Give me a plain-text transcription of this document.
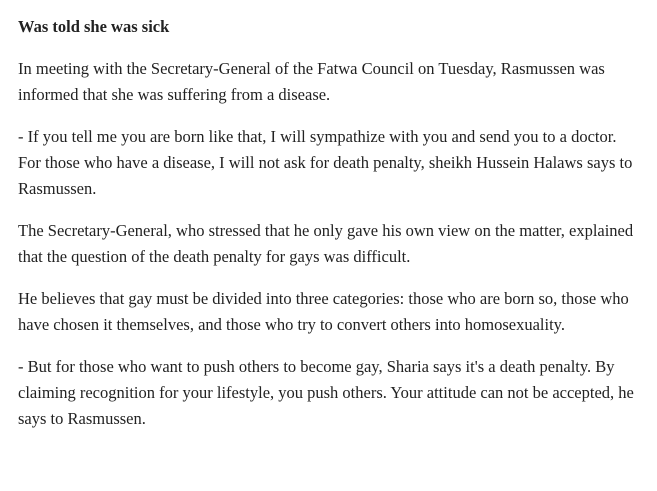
Was told she was sick

In meeting with the Secretary-General of the Fatwa Council on Tuesday, Rasmussen was informed that she was suffering from a disease.

- If you tell me you are born like that, I will sympathize with you and send you to a doctor. For those who have a disease, I will not ask for death penalty, sheikh Hussein Halaws says to Rasmussen.

The Secretary-General, who stressed that he only gave his own view on the matter, explained that the question of the death penalty for gays was difficult.

He believes that gay must be divided into three categories: those who are born so, those who have chosen it themselves, and those who try to convert others into homosexuality.

- But for those who want to push others to become gay, Sharia says it's a death penalty. By claiming recognition for your lifestyle, you push others. Your attitude can not be accepted, he says to Rasmussen.
